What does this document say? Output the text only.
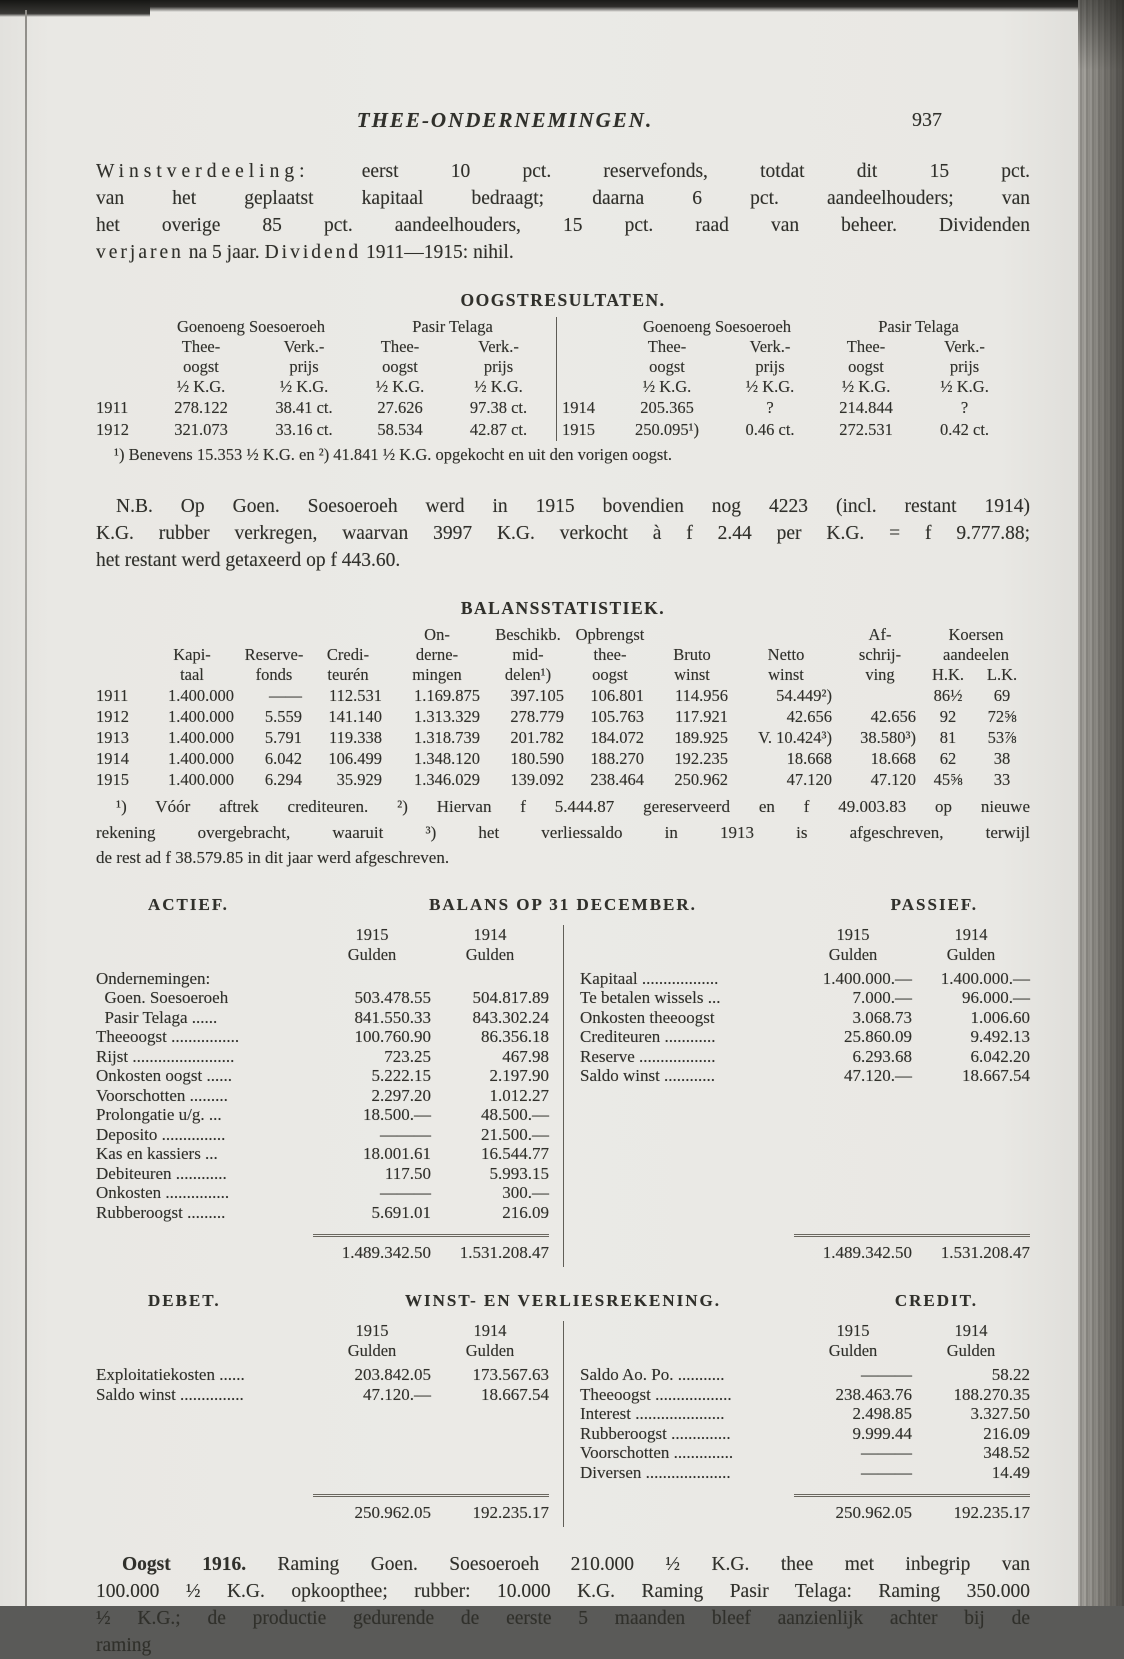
THEE-ONDERNEMINGEN.	937
Winstverdeeling: eerst 10 pct. reservefonds, totdat dit 15 pct.
van het geplaatst kapitaal bedraagt; daarna 6 pct. aandeelhouders; van
het overige 85 pct. aandeelhouders, 15 pct. raad van beheer. Dividenden
verjaren na 5 jaar. Dividend 1911—1915: nihil.
OOGSTRESULTATEN.
	Goenoeng Soesoeroeh		Pasir Telaga	
	Thee-	Verk.-	Thee-	Verk.-
	oogst	prijs	oogst	prijs
	½ K.G.	½ K.G.	½ K.G.	½ K.G.
1911	278.122	38.41 ct.	27.626	97.38 ct.
1912	321.073	33.16 ct.	58.534	42.87 ct.
	Goenoeng Soesoeroeh		Pasir Telaga	
	Thee-	Verk.-	Thee-	Verk.-
	oogst	prijs	oogst	prijs
	½ K.G.	½ K.G.	½ K.G.	½ K.G.
1914	205.365	?	214.844	?
1915	250.095¹)	0.46 ct.	272.531	0.42 ct.
¹) Benevens 15.353 ½ K.G. en ²) 41.841 ½ K.G. opgekocht en uit den vorigen oogst.
N.B. Op Goen. Soesoeroeh werd in 1915 bovendien nog 4223 (incl. restant 1914)
K.G. rubber verkregen, waarvan 3997 K.G. verkocht à f 2.44 per K.G. = f 9.777.88;
het restant werd getaxeerd op f 443.60.
BALANSSTATISTIEK.
				On-	Beschikb.	Opbrengst			Af-	Koersen	
	Kapi-	Reserve-	Credi-	derne-	mid-	thee-	Bruto	Netto	schrij-	aandeelen	
	taal	fonds	teurén	mingen	delen¹)	oogst	winst	winst	ving	H.K.	L.K.
1911	1.400.000	——	112.531	1.169.875	397.105	106.801	114.956	54.449²)		86½	69
1912	1.400.000	5.559	141.140	1.313.329	278.779	105.763	117.921	42.656	42.656	92	72⅝
1913	1.400.000	5.791	119.338	1.318.739	201.782	184.072	189.925	V. 10.424³)	38.580³)	81	53⅞
1914	1.400.000	6.042	106.499	1.348.120	180.590	188.270	192.235	18.668	18.668	62	38
1915	1.400.000	6.294	35.929	1.346.029	139.092	238.464	250.962	47.120	47.120	45⅝	33
¹) Vóór aftrek crediteuren. ²) Hiervan f 5.444.87 gereserveerd en f 49.003.83 op nieuwe
rekening overgebracht, waaruit ³) het verliessaldo in 1913 is afgeschreven, terwijl
de rest ad f 38.579.85 in dit jaar werd afgeschreven.
ACTIEF.	BALANS OP 31 DECEMBER.	PASSIEF.
1915
Gulden
1914
Gulden
Ondernemingen:		
 Goen. Soesoeroeh	503.478.55	504.817.89
 Pasir Telaga ......	841.550.33	843.302.24
Theeoogst ................	100.760.90	86.356.18
Rijst ........................	723.25	467.98
Onkosten oogst ......	5.222.15	2.197.90
Voorschotten .........	2.297.20	1.012.27
Prolongatie u/g. ...	18.500.—	48.500.—
Deposito ...............	———	21.500.—
Kas en kassiers ...	18.001.61	16.544.77
Debiteuren ............	117.50	5.993.15
Onkosten ...............	———	300.—
Rubberoogst .........	5.691.01	216.09
1.489.342.50	1.531.208.47
1915
Gulden
1914
Gulden
Kapitaal ..................	1.400.000.—	1.400.000.—
Te betalen wissels ...	7.000.—	96.000.—
Onkosten theeoogst	3.068.73	1.006.60
Crediteuren ............	25.860.09	9.492.13
Reserve ..................	6.293.68	6.042.20
Saldo winst ............	47.120.—	18.667.54
1.489.342.50	1.531.208.47
DEBET.	WINST- EN VERLIESREKENING.	CREDIT.
1915
Gulden
1914
Gulden
Exploitatiekosten ......	203.842.05	173.567.63
Saldo winst ...............	47.120.—	18.667.54
250.962.05	192.235.17
1915
Gulden
1914
Gulden
Saldo Ao. Po. ...........	———	58.22
Theeoogst ..................	238.463.76	188.270.35
Interest .....................	2.498.85	3.327.50
Rubberoogst ..............	9.999.44	216.09
Voorschotten ..............	———	348.52
Diversen ....................	———	14.49
250.962.05	192.235.17
Oogst 1916. Raming Goen. Soesoeroeh 210.000 ½ K.G. thee met inbegrip van
100.000 ½ K.G. opkoopthee; rubber: 10.000 K.G. Raming Pasir Telaga: Raming 350.000
½ K.G.; de productie gedurende de eerste 5 maanden bleef aanzienlijk achter bij de
raming
